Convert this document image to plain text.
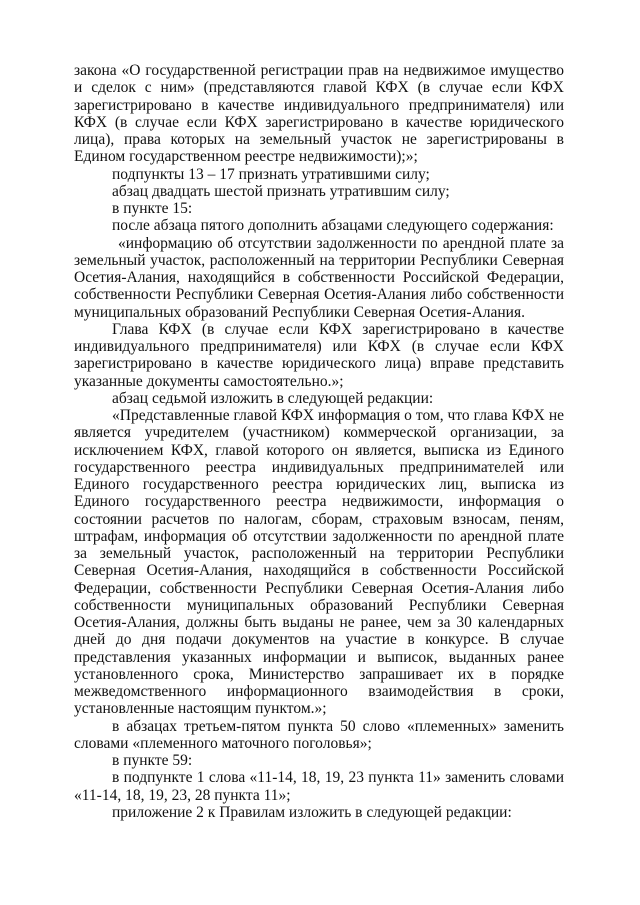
закона «О государственной регистрации прав на недвижимое имущество и сделок с ним» (представляются главой КФХ (в случае если КФХ зарегистрировано в качестве индивидуального предпринимателя) или КФХ (в случае если КФХ зарегистрировано в качестве юридического лица), права которых на земельный участок не зарегистрированы в Едином государственном реестре недвижимости);»;

подпункты 13 – 17 признать утратившими силу;

абзац двадцать шестой признать утратившим силу;

в пункте 15:

после абзаца пятого дополнить абзацами следующего содержания:

«информацию об отсутствии задолженности по арендной плате за земельный участок, расположенный на территории Республики Северная Осетия-Алания, находящийся в собственности Российской Федерации, собственности Республики Северная Осетия-Алания либо собственности муниципальных образований Республики Северная Осетия-Алания.

Глава КФХ (в случае если КФХ зарегистрировано в качестве индивидуального предпринимателя) или КФХ (в случае если КФХ зарегистрировано в качестве юридического лица) вправе представить указанные документы самостоятельно.»;

абзац седьмой изложить в следующей редакции:

«Представленные главой КФХ информация о том, что глава КФХ не является учредителем (участником) коммерческой организации, за исключением КФХ, главой которого он является, выписка из Единого государственного реестра индивидуальных предпринимателей или Единого государственного реестра юридических лиц, выписка из Единого государственного реестра недвижимости, информация о состоянии расчетов по налогам, сборам, страховым взносам, пеням, штрафам, информация об отсутствии задолженности по арендной плате за земельный участок, расположенный на территории Республики Северная Осетия-Алания, находящийся в собственности Российской Федерации, собственности Республики Северная Осетия-Алания либо собственности муниципальных образований Республики Северная Осетия-Алания, должны быть выданы не ранее, чем за 30 календарных дней до дня подачи документов на участие в конкурсе. В случае представления указанных информации и выписок, выданных ранее установленного срока, Министерство запрашивает их в порядке межведомственного информационного взаимодействия в сроки, установленные настоящим пунктом.»;

в абзацах третьем-пятом пункта 50 слово «племенных» заменить словами «племенного маточного поголовья»;

в пункте 59:

в подпункте 1 слова «11-14, 18, 19, 23 пункта 11» заменить словами «11-14, 18, 19, 23, 28 пункта 11»;

приложение 2 к Правилам изложить в следующей редакции:
